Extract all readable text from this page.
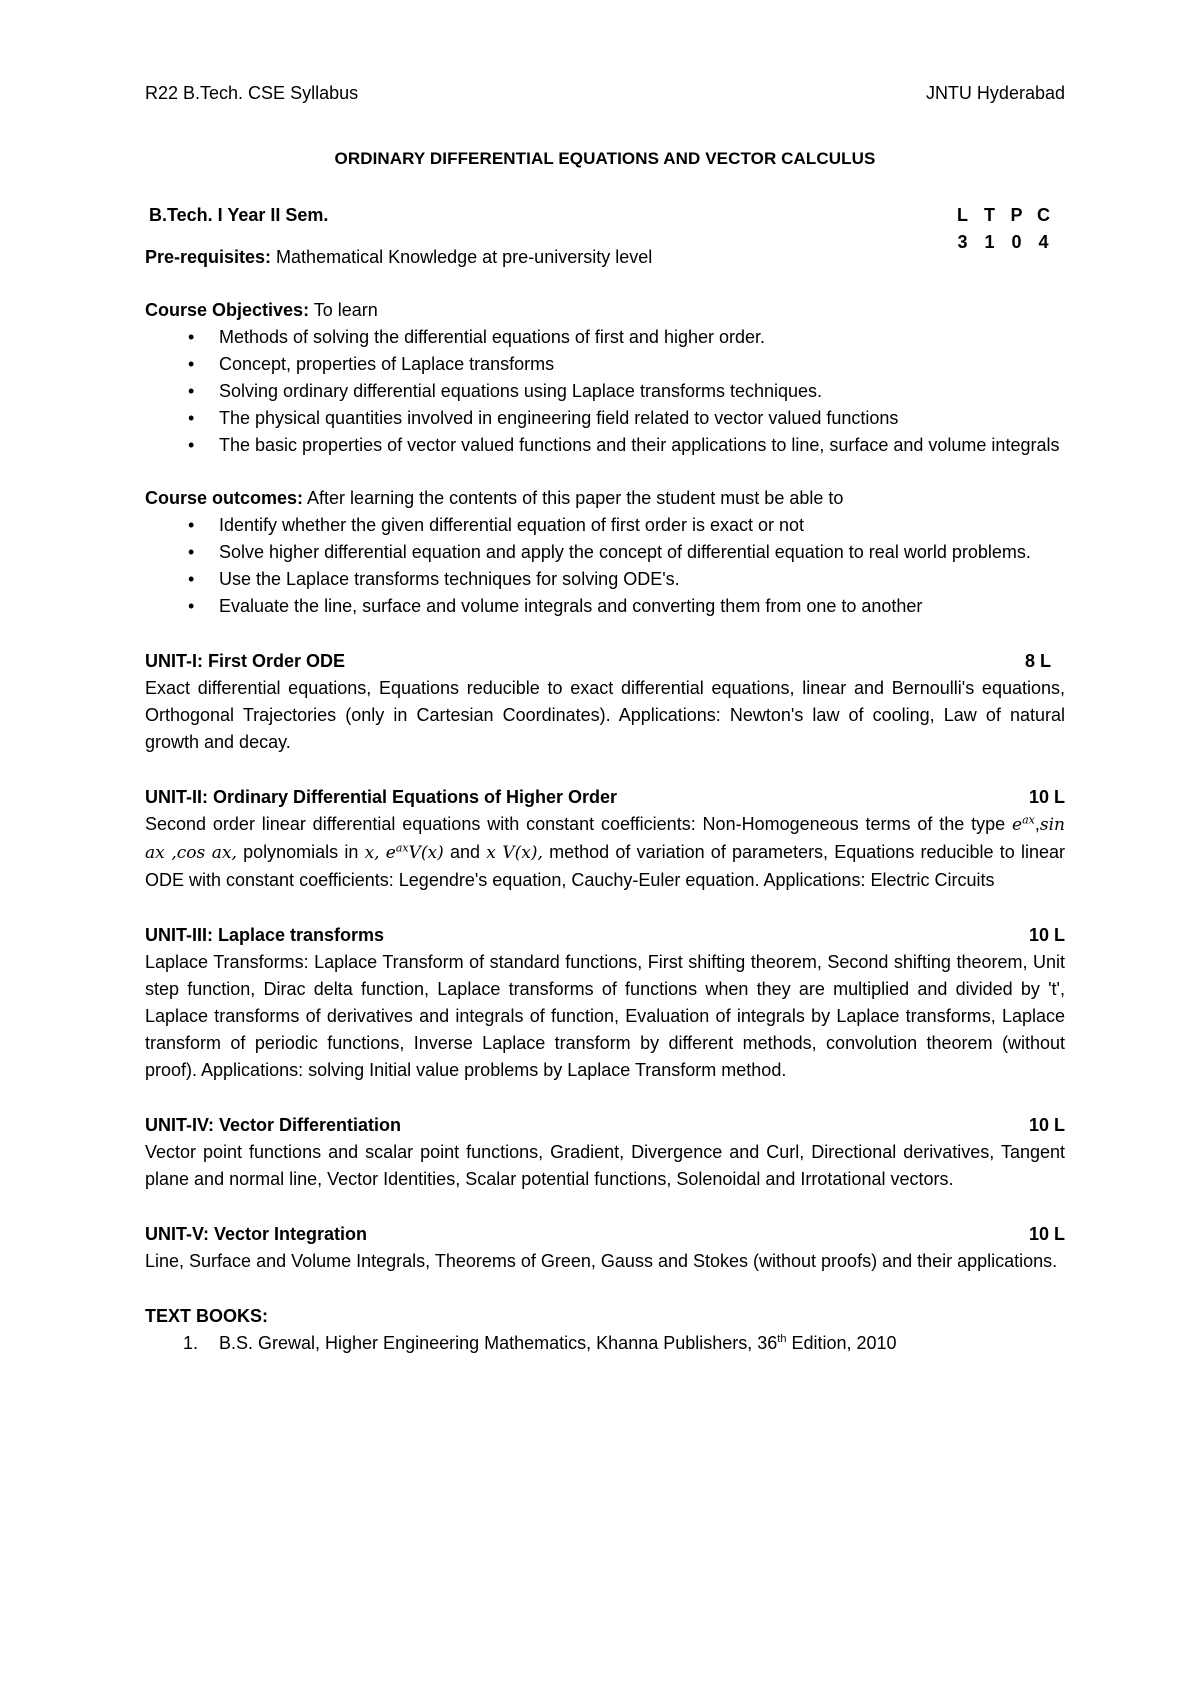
R22 B.Tech. CSE Syllabus	JNTU Hyderabad
ORDINARY DIFFERENTIAL EQUATIONS AND VECTOR CALCULUS
B.Tech. I Year II Sem.	L T P C
3 1 0 4
Pre-requisites: Mathematical Knowledge at pre-university level
Course Objectives: To learn
• Methods of solving the differential equations of first and higher order.
• Concept, properties of Laplace transforms
• Solving ordinary differential equations using Laplace transforms techniques.
• The physical quantities involved in engineering field related to vector valued functions
• The basic properties of vector valued functions and their applications to line, surface and volume integrals
Course outcomes: After learning the contents of this paper the student must be able to
• Identify whether the given differential equation of first order is exact or not
• Solve higher differential equation and apply the concept of differential equation to real world problems.
• Use the Laplace transforms techniques for solving ODE's.
• Evaluate the line, surface and volume integrals and converting them from one to another
UNIT-I: First Order ODE	8 L
Exact differential equations, Equations reducible to exact differential equations, linear and Bernoulli's equations, Orthogonal Trajectories (only in Cartesian Coordinates). Applications: Newton's law of cooling, Law of natural growth and decay.
UNIT-II: Ordinary Differential Equations of Higher Order	10 L
Second order linear differential equations with constant coefficients: Non-Homogeneous terms of the type $e^{ax},\sin$ ax ,cos ax, polynomials in x, $e^{ax}V(x)$ and x V(x), method of variation of parameters, Equations reducible to linear ODE with constant coefficients: Legendre's equation, Cauchy-Euler equation. Applications: Electric Circuits
UNIT-III: Laplace transforms	10 L
Laplace Transforms: Laplace Transform of standard functions, First shifting theorem, Second shifting theorem, Unit step function, Dirac delta function, Laplace transforms of functions when they are multiplied and divided by 't', Laplace transforms of derivatives and integrals of function, Evaluation of integrals by Laplace transforms, Laplace transform of periodic functions, Inverse Laplace transform by different methods, convolution theorem (without proof). Applications: solving Initial value problems by Laplace Transform method.
UNIT-IV: Vector Differentiation	10 L
Vector point functions and scalar point functions, Gradient, Divergence and Curl, Directional derivatives, Tangent plane and normal line, Vector Identities, Scalar potential functions, Solenoidal and Irrotational vectors.
UNIT-V: Vector Integration	10 L
Line, Surface and Volume Integrals, Theorems of Green, Gauss and Stokes (without proofs) and their applications.
TEXT BOOKS:
1. B.S. Grewal, Higher Engineering Mathematics, Khanna Publishers, 36th Edition, 2010
